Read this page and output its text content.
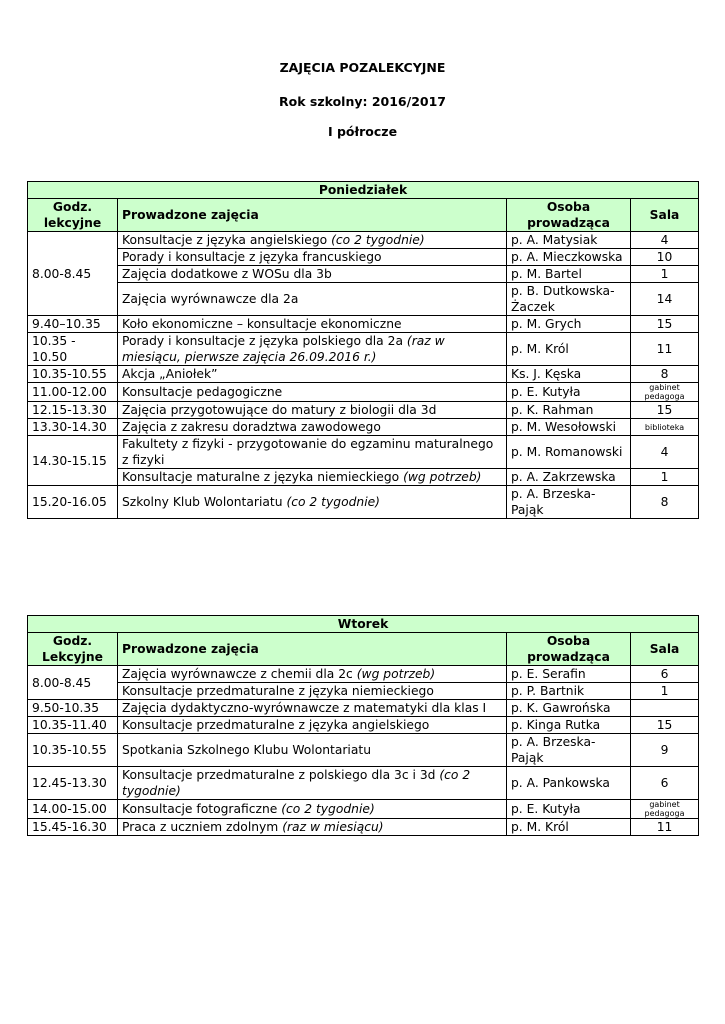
ZAJĘCIA POZALEKCYJNE

Rok szkolny: 2016/2017

I półrocze

Poniedziałek			
Godz. lekcyjne	Prowadzone zajęcia	Osoba prowadząca	Sala
8.00-8.45	Konsultacje z języka angielskiego (co 2 tygodnie)	p. A. Matysiak	4
	Porady i konsultacje z języka francuskiego	p. A. Mieczkowska	10
	Zajęcia dodatkowe z WOSu dla 3b	p. M. Bartel	1
	Zajęcia wyrównawcze dla 2a	p. B. Dutkowska-Żaczek	14
9.40–10.35	Koło ekonomiczne – konsultacje ekonomiczne	p. M. Grych	15
10.35 - 10.50	Porady i konsultacje z języka polskiego dla 2a (raz w miesiącu, pierwsze zajęcia 26.09.2016 r.)	p. M. Król	11
10.35-10.55	Akcja „Aniołek”	Ks. J. Kęska	8
11.00-12.00	Konsultacje pedagogiczne	p. E. Kutyła	gabinet pedagoga
12.15-13.30	Zajęcia przygotowujące do matury z biologii dla 3d	p. K. Rahman	15
13.30-14.30	Zajęcia z zakresu doradztwa zawodowego	p. M. Wesołowski	biblioteka
14.30-15.15	Fakultety z fizyki - przygotowanie do egzaminu maturalnego z fizyki	p. M. Romanowski	4
	Konsultacje maturalne z języka niemieckiego (wg potrzeb)	p. A. Zakrzewska	1
15.20-16.05	Szkolny Klub Wolontariatu (co 2 tygodnie)	p. A. Brzeska-Pająk	8
Wtorek			
Godz. Lekcyjne	Prowadzone zajęcia	Osoba prowadząca	Sala
8.00-8.45	Zajęcia wyrównawcze z chemii dla 2c (wg potrzeb)	p. E. Serafin	6
	Konsultacje przedmaturalne z języka niemieckiego	p. P. Bartnik	1
9.50-10.35	Zajęcia dydaktyczno-wyrównawcze z matematyki dla klas I	p. K. Gawrońska	
10.35-11.40	Konsultacje przedmaturalne z języka angielskiego	p. Kinga Rutka	15
10.35-10.55	Spotkania Szkolnego Klubu Wolontariatu	p. A. Brzeska-Pająk	9
12.45-13.30	Konsultacje przedmaturalne z polskiego dla 3c i 3d (co 2 tygodnie)	p. A. Pankowska	6
14.00-15.00	Konsultacje fotograficzne (co 2 tygodnie)	p. E. Kutyła	gabinet pedagoga
15.45-16.30	Praca z uczniem zdolnym (raz w miesiącu)	p. M. Król	11
